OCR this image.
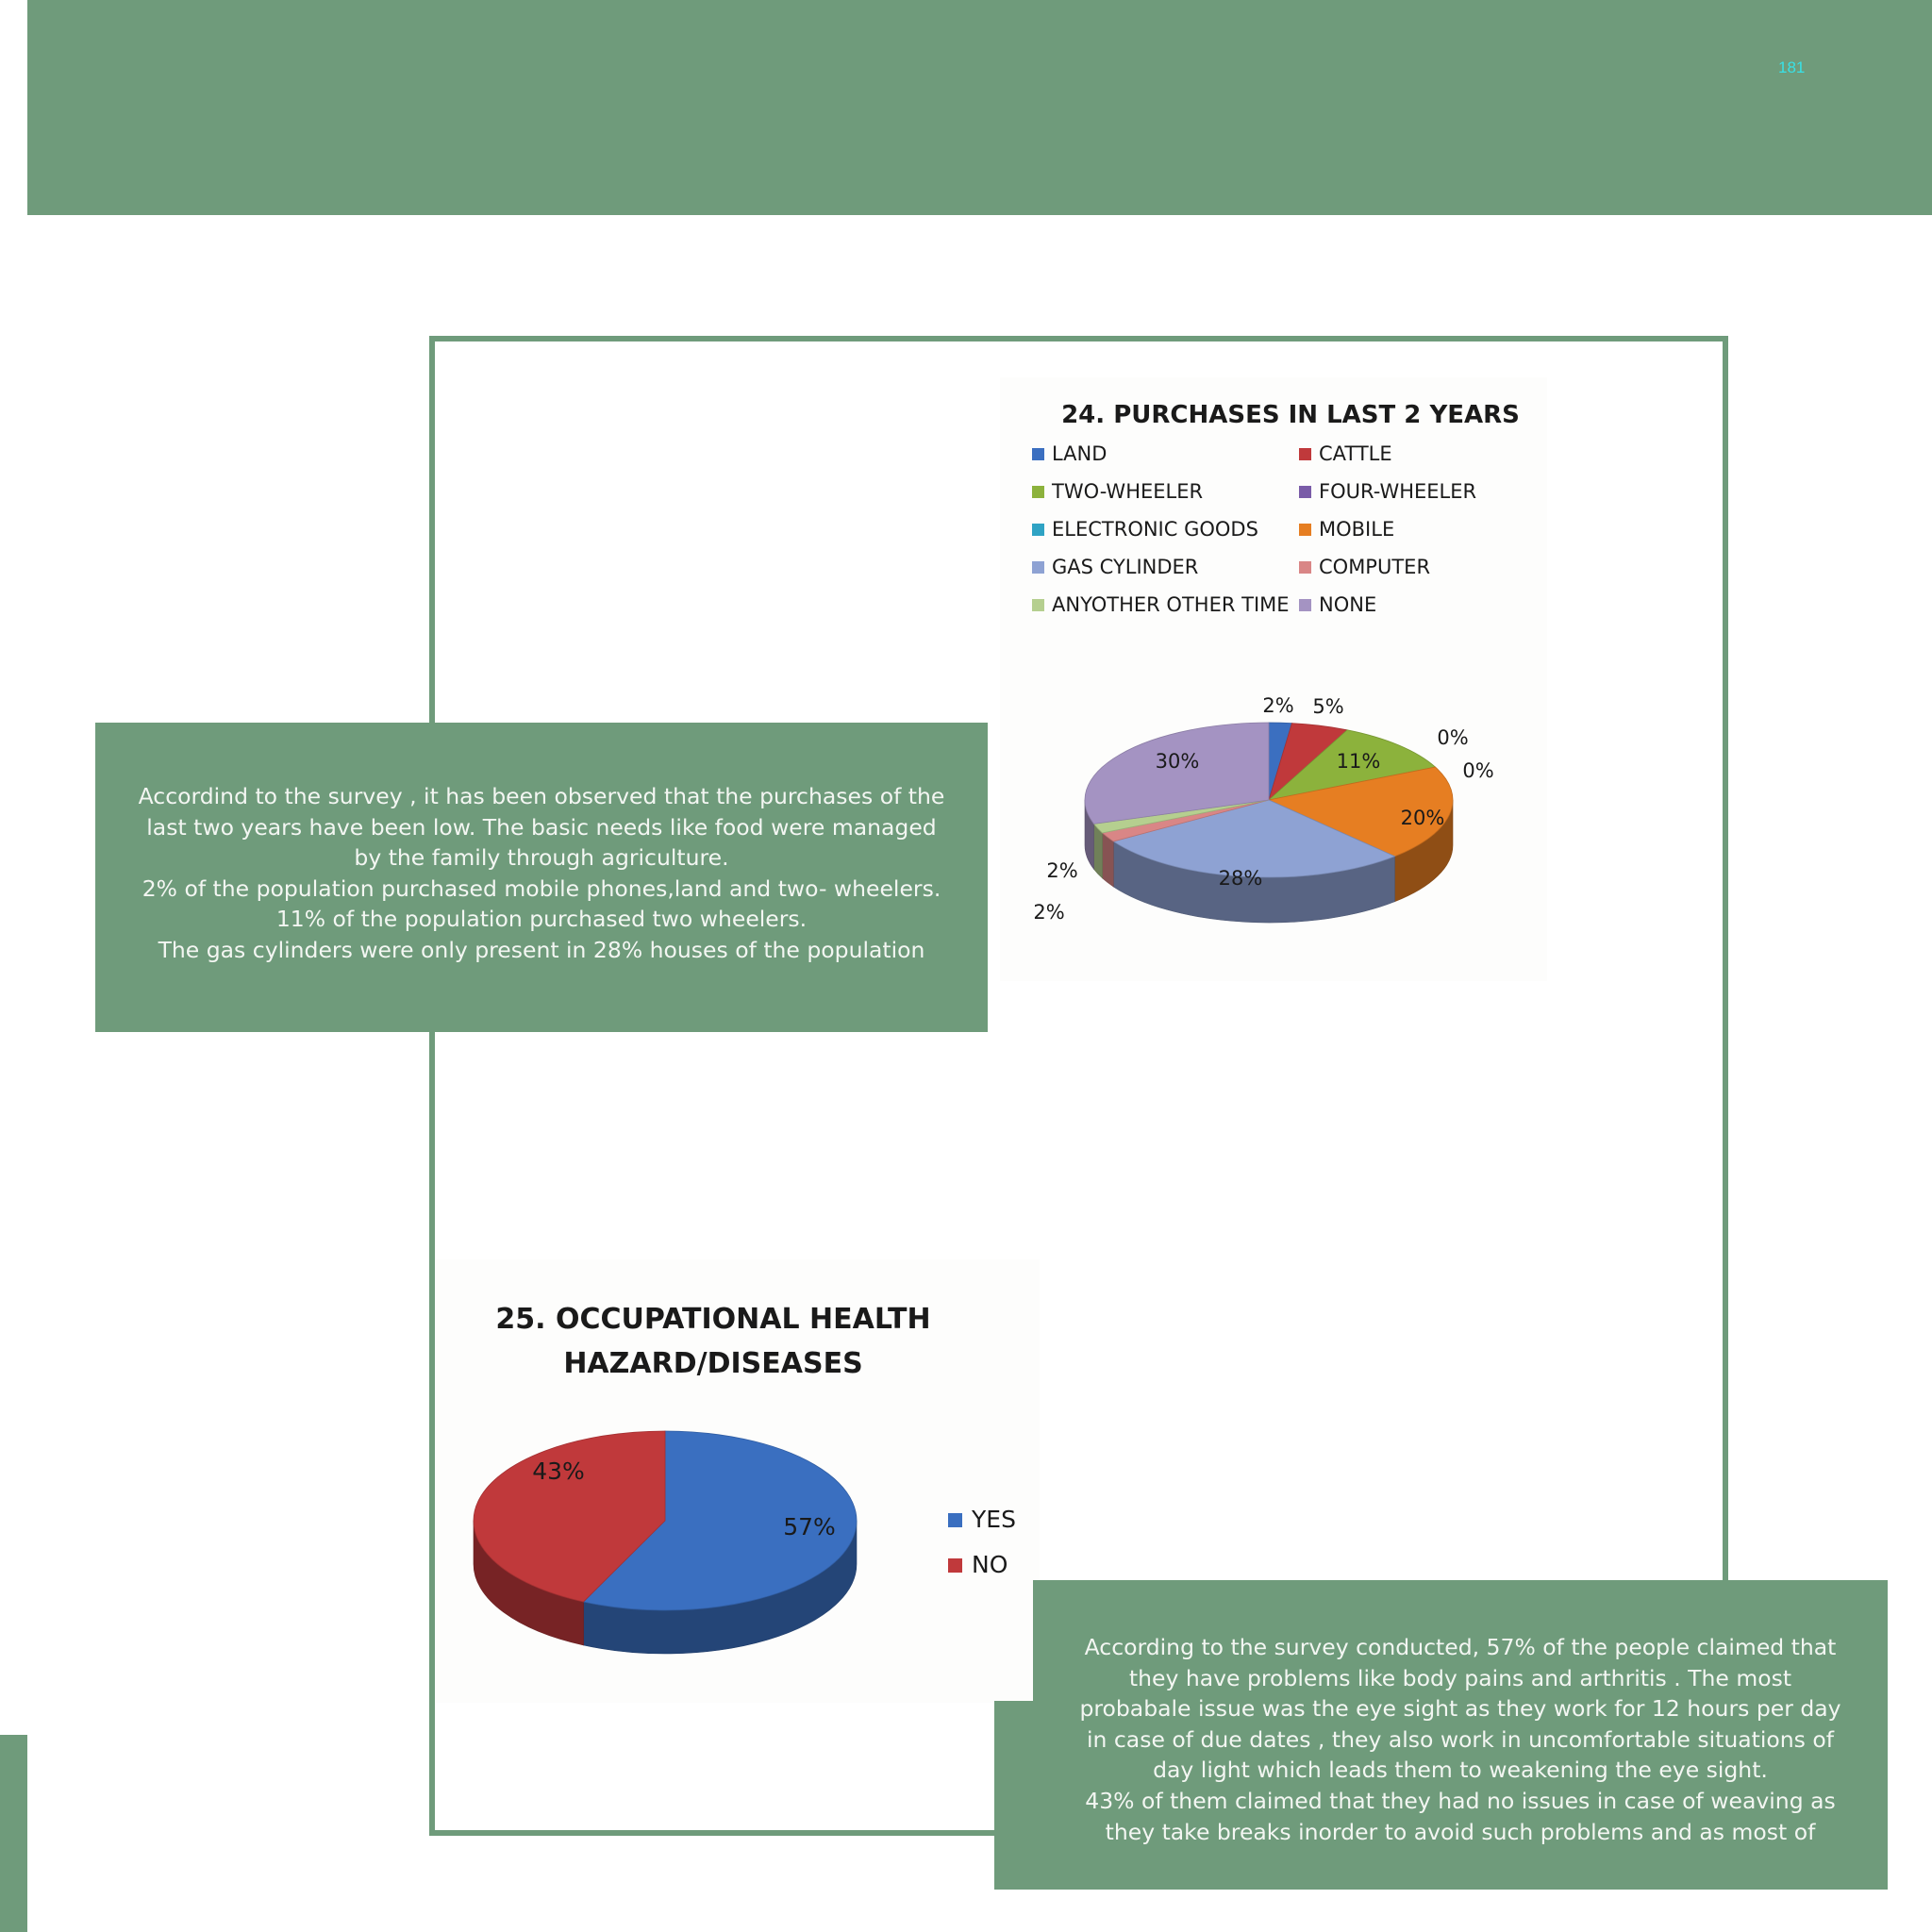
181
24. PURCHASES IN LAST 2 YEARS
LAND	CATTLE
TWO-WHEELER	FOUR-WHEELER
ELECTRONIC GOODS	MOBILE
GAS CYLINDER	COMPUTER
ANYOTHER OTHER TIME NONE
2% 5%
11%
0%
0%
20%
28%
2%
2%
30%
25. OCCUPATIONAL HEALTH
HAZARD/DISEASES
57%
43%
YES
NO
Accordind to the survey , it has been observed that the purchases of the
last two years have been low. The basic needs like food were managed
by the family through agriculture.
2% of the population purchased mobile phones,land and two- wheelers.
11% of the population purchased two wheelers.
The gas cylinders were only present in 28% houses of the population
According to the survey conducted, 57% of the people claimed that
they have problems like body pains and arthritis . The most
probabale issue was the eye sight as they work for 12 hours per day
in case of due dates , they also work in uncomfortable situations of
day light which leads them to weakening the eye sight.
43% of them claimed that they had no issues in case of weaving as
they take breaks inorder to avoid such problems and as most of
